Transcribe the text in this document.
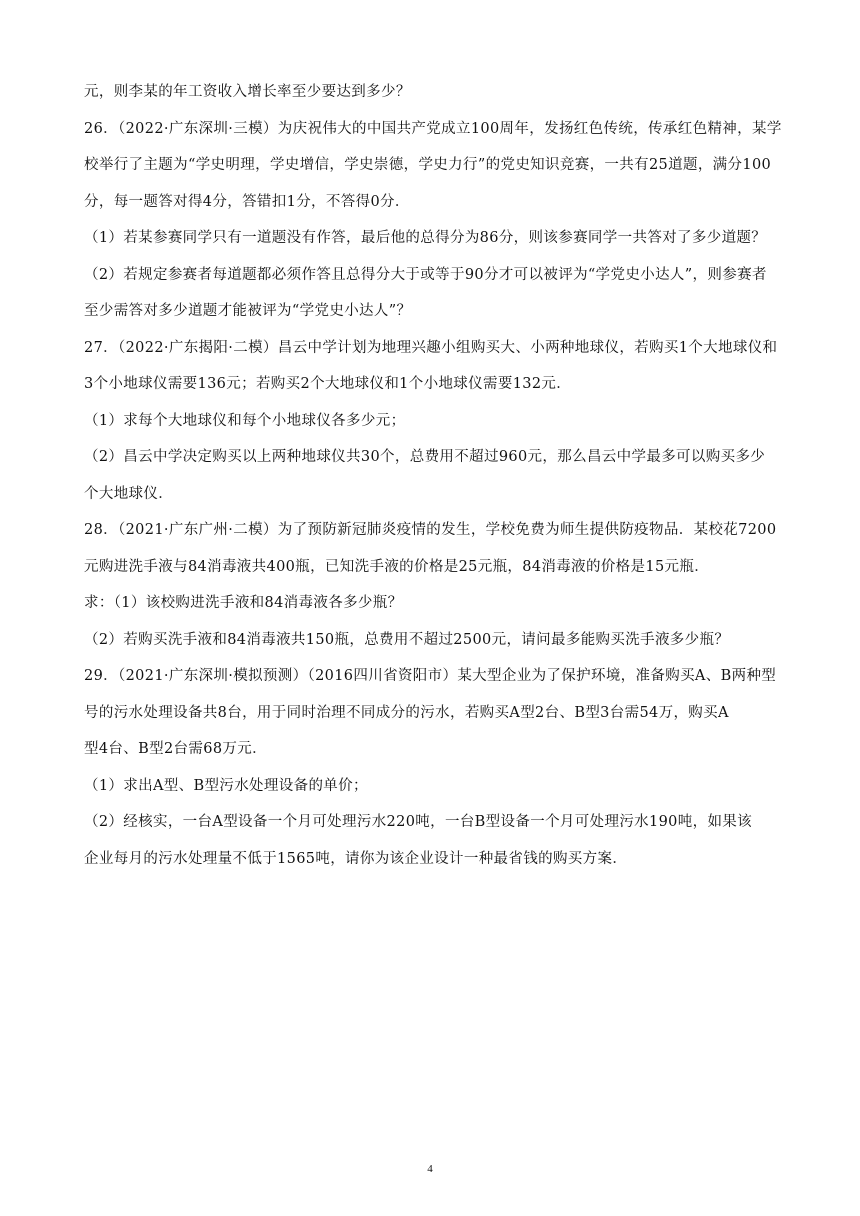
元，则李某的年工资收入增长率至少要达到多少？
26．（2022·广东深圳·三模）为庆祝伟大的中国共产党成立100周年，发扬红色传统，传承红色精神，某学
校举行了主题为“学史明理，学史增信，学史崇德，学史力行”的党史知识竞赛，一共有25道题，满分100
分，每一题答对得4分，答错扣1分，不答得0分．
（1）若某参赛同学只有一道题没有作答，最后他的总得分为86分，则该参赛同学一共答对了多少道题？
（2）若规定参赛者每道题都必须作答且总得分大于或等于90分才可以被评为“学党史小达人”，则参赛者
至少需答对多少道题才能被评为“学党史小达人”？
27．（2022·广东揭阳·二模）昌云中学计划为地理兴趣小组购买大、小两种地球仪，若购买1个大地球仪和
3个小地球仪需要136元；若购买2个大地球仪和1个小地球仪需要132元．
（1）求每个大地球仪和每个小地球仪各多少元；
（2）昌云中学决定购买以上两种地球仪共30个，总费用不超过960元，那么昌云中学最多可以购买多少
个大地球仪．
28．（2021·广东广州·二模）为了预防新冠肺炎疫情的发生，学校免费为师生提供防疫物品．某校花7200
元购进洗手液与84消毒液共400瓶，已知洗手液的价格是25元瓶，84消毒液的价格是15元瓶．
求：（1）该校购进洗手液和84消毒液各多少瓶？
（2）若购买洗手液和84消毒液共150瓶，总费用不超过2500元，请问最多能购买洗手液多少瓶？
29．（2021·广东深圳·模拟预测）（2016四川省资阳市）某大型企业为了保护环境，准备购买A、B两种型
号的污水处理设备共8台，用于同时治理不同成分的污水，若购买A型2台、B型3台需54万，购买A
型4台、B型2台需68万元．
（1）求出A型、B型污水处理设备的单价；
（2）经核实，一台A型设备一个月可处理污水220吨，一台B型设备一个月可处理污水190吨，如果该
企业每月的污水处理量不低于1565吨，请你为该企业设计一种最省钱的购买方案．
4
